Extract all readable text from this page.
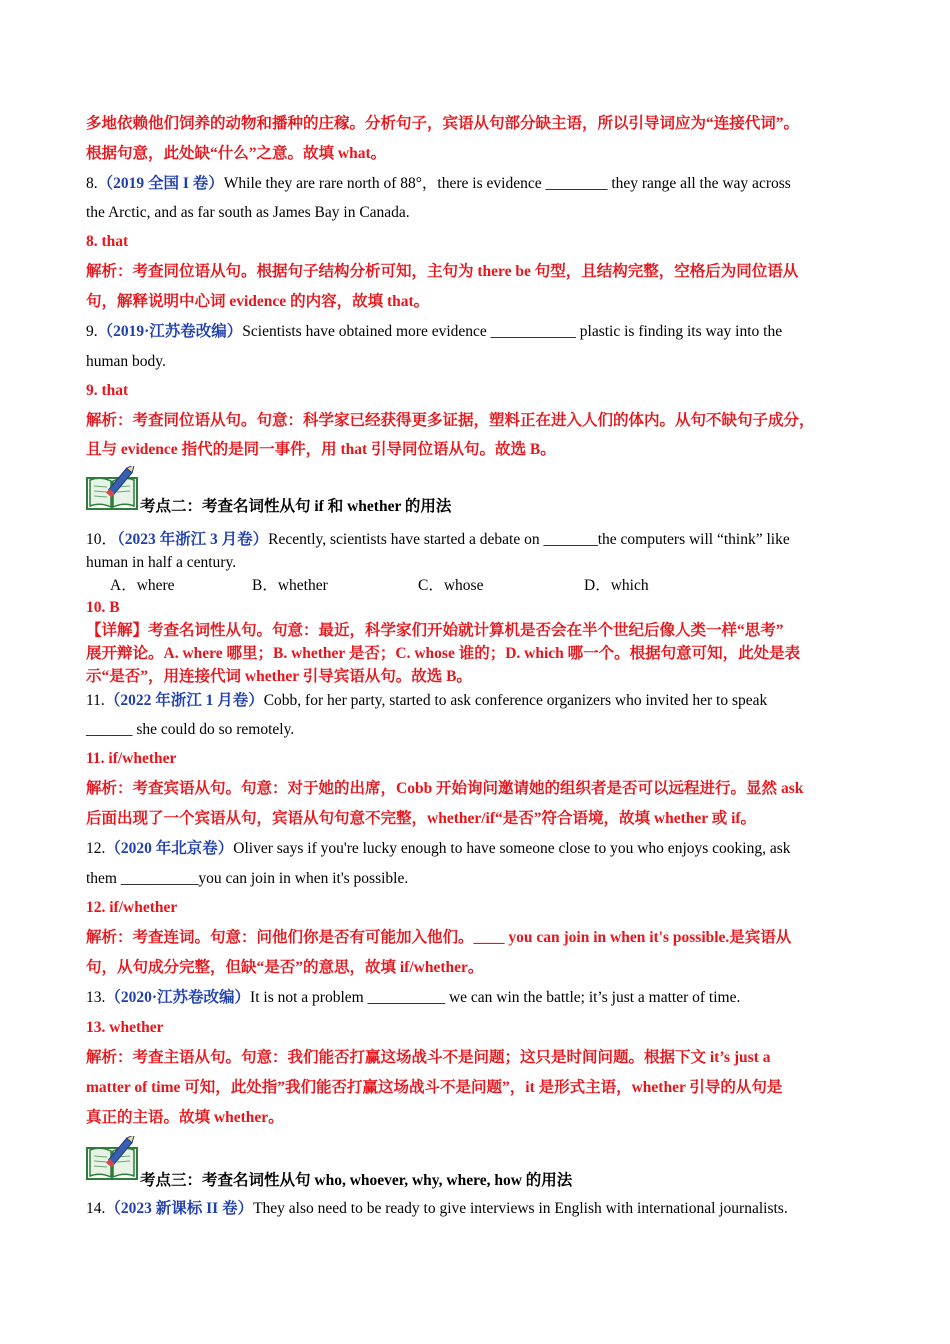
多地依赖他们饲养的动物和播种的庄稼。分析句子，宾语从句部分缺主语，所以引导词应为“连接代词”。
根据句意，此处缺“什么”之意。故填 what。
8.（2019 全国 I 卷）While they are rare north of 88°，there is evidence ________ they range all the way across
the Arctic, and as far south as James Bay in Canada.
8. that
解析：考查同位语从句。根据句子结构分析可知，主句为 there be 句型，且结构完整，空格后为同位语从
句，解释说明中心词 evidence 的内容，故填 that。
9.（2019·江苏卷改编）Scientists have obtained more evidence ___________ plastic is finding its way into the
human body.
9. that
解析：考查同位语从句。句意：科学家已经获得更多证据，塑料正在进入人们的体内。从句不缺句子成分，
且与 evidence 指代的是同一事件，用 that 引导同位语从句。故选 B。
考点二：考查名词性从句 if 和 whether 的用法
10．（2023 年浙江 3 月卷）Recently, scientists have started a debate on _______the computers will “think” like
human in half a century.
A．where	B．whether	C．whose	D．which
10. B
【详解】考查名词性从句。句意：最近，科学家们开始就计算机是否会在半个世纪后像人类一样“思考”
展开辩论。A. where 哪里；B. whether 是否；C. whose 谁的；D. which 哪一个。根据句意可知，此处是表
示“是否”，用连接代词 whether 引导宾语从句。故选 B。
11.（2022 年浙江 1 月卷）Cobb, for her party, started to ask conference organizers who invited her to speak
______ she could do so remotely.
11. if/whether
解析：考查宾语从句。句意：对于她的出席，Cobb 开始询问邀请她的组织者是否可以远程进行。显然 ask
后面出现了一个宾语从句，宾语从句句意不完整，whether/if“是否”符合语境，故填 whether 或 if。
12.（2020 年北京卷）Oliver says if you're lucky enough to have someone close to you who enjoys cooking, ask
them __________you can join in when it's possible.
12. if/whether
解析：考查连词。句意：问他们你是否有可能加入他们。____ you can join in when it's possible.是宾语从
句，从句成分完整，但缺“是否”的意思，故填 if/whether。
13.（2020·江苏卷改编）It is not a problem __________ we can win the battle; it’s just a matter of time.
13. whether
解析：考查主语从句。句意：我们能否打赢这场战斗不是问题；这只是时间问题。根据下文 it’s just a
matter of time 可知，此处指”我们能否打赢这场战斗不是问题”，it 是形式主语，whether 引导的从句是
真正的主语。故填 whether。
考点三：考查名词性从句 who, whoever, why, where, how 的用法
14.（2023 新课标 II 卷）They also need to be ready to give interviews in English with international journalists.
